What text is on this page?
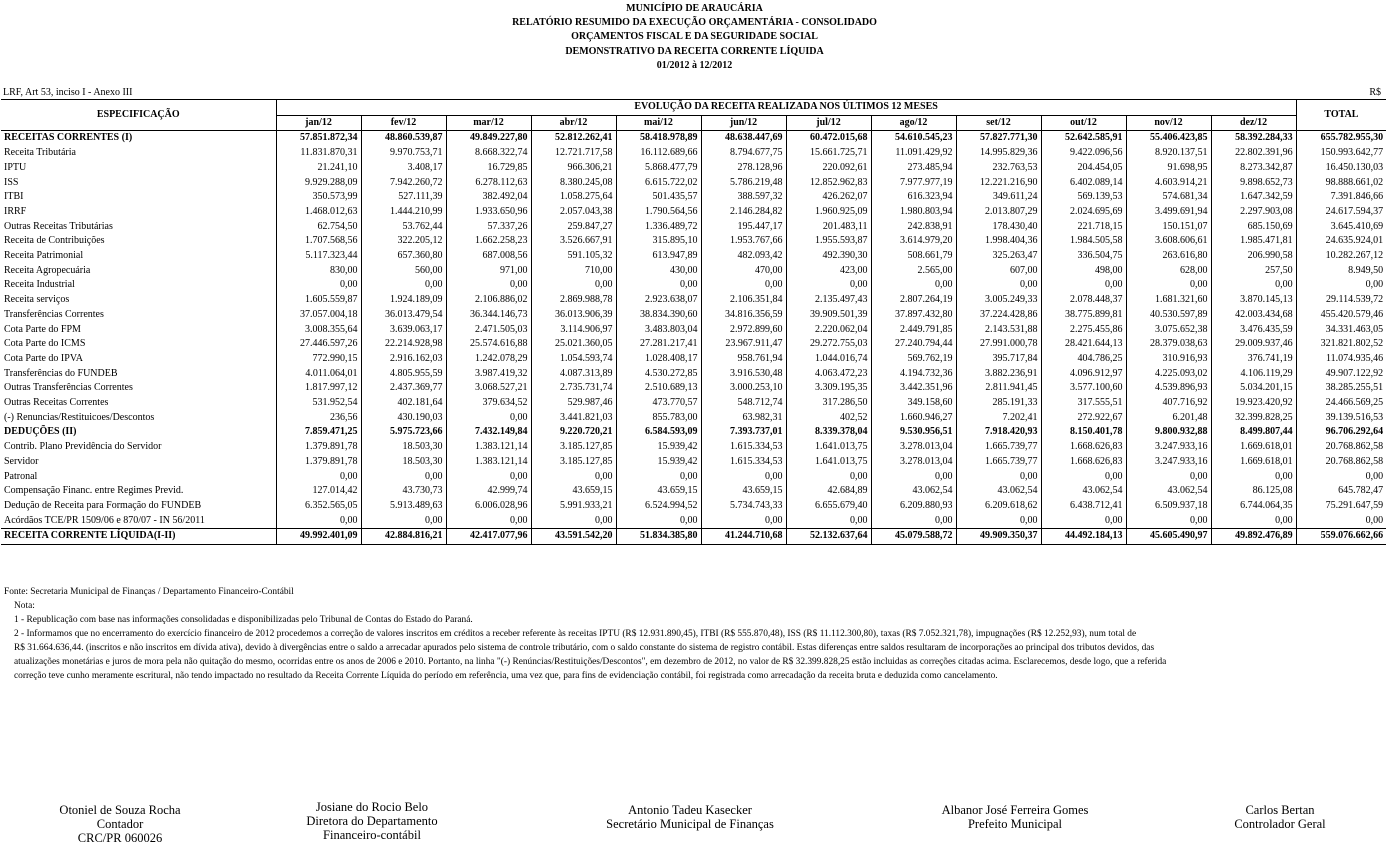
MUNICÍPIO DE ARAUCÁRIA
RELATÓRIO RESUMIDO DA EXECUÇÃO ORÇAMENTÁRIA - CONSOLIDADO
ORÇAMENTOS FISCAL E DA SEGURIDADE SOCIAL
DEMONSTRATIVO DA RECEITA CORRENTE LÍQUIDA
01/2012 à 12/2012
LRF, Art 53, inciso I - Anexo III	R$
ESPECIFICAÇÃO	EVOLUÇÃO DA RECEITA REALIZADA NOS ÚLTIMOS 12 MESES												TOTAL
	jan/12	fev/12	mar/12	abr/12	mai/12	jun/12	jul/12	ago/12	set/12	out/12	nov/12	dez/12	
RECEITAS CORRENTES (I)	57.851.872,34	48.860.539,87	49.849.227,80	52.812.262,41	58.418.978,89	48.638.447,69	60.472.015,68	54.610.545,23	57.827.771,30	52.642.585,91	55.406.423,85	58.392.284,33	655.782.955,30
Receita Tributária	11.831.870,31	9.970.753,71	8.668.322,74	12.721.717,58	16.112.689,66	8.794.677,75	15.661.725,71	11.091.429,92	14.995.829,36	9.422.096,56	8.920.137,51	22.802.391,96	150.993.642,77
IPTU	21.241,10	3.408,17	16.729,85	966.306,21	5.868.477,79	278.128,96	220.092,61	273.485,94	232.763,53	204.454,05	91.698,95	8.273.342,87	16.450.130,03
ISS	9.929.288,09	7.942.260,72	6.278.112,63	8.380.245,08	6.615.722,02	5.786.219,48	12.852.962,83	7.977.977,19	12.221.216,90	6.402.089,14	4.603.914,21	9.898.652,73	98.888.661,02
ITBI	350.573,99	527.111,39	382.492,04	1.058.275,64	501.435,57	388.597,32	426.262,07	616.323,94	349.611,24	569.139,53	574.681,34	1.647.342,59	7.391.846,66
IRRF	1.468.012,63	1.444.210,99	1.933.650,96	2.057.043,38	1.790.564,56	2.146.284,82	1.960.925,09	1.980.803,94	2.013.807,29	2.024.695,69	3.499.691,94	2.297.903,08	24.617.594,37
Outras Receitas Tributárias	62.754,50	53.762,44	57.337,26	259.847,27	1.336.489,72	195.447,17	201.483,11	242.838,91	178.430,40	221.718,15	150.151,07	685.150,69	3.645.410,69
Receita de Contribuições	1.707.568,56	322.205,12	1.662.258,23	3.526.667,91	315.895,10	1.953.767,66	1.955.593,87	3.614.979,20	1.998.404,36	1.984.505,58	3.608.606,61	1.985.471,81	24.635.924,01
Receita Patrimonial	5.117.323,44	657.360,80	687.008,56	591.105,32	613.947,89	482.093,42	492.390,30	508.661,79	325.263,47	336.504,75	263.616,80	206.990,58	10.282.267,12
Receita Agropecuária	830,00	560,00	971,00	710,00	430,00	470,00	423,00	2.565,00	607,00	498,00	628,00	257,50	8.949,50
Receita Industrial	0,00	0,00	0,00	0,00	0,00	0,00	0,00	0,00	0,00	0,00	0,00	0,00	0,00
Receita serviços	1.605.559,87	1.924.189,09	2.106.886,02	2.869.988,78	2.923.638,07	2.106.351,84	2.135.497,43	2.807.264,19	3.005.249,33	2.078.448,37	1.681.321,60	3.870.145,13	29.114.539,72
Transferências Correntes	37.057.004,18	36.013.479,54	36.344.146,73	36.013.906,39	38.834.390,60	34.816.356,59	39.909.501,39	37.897.432,80	37.224.428,86	38.775.899,81	40.530.597,89	42.003.434,68	455.420.579,46
Cota Parte do FPM	3.008.355,64	3.639.063,17	2.471.505,03	3.114.906,97	3.483.803,04	2.972.899,60	2.220.062,04	2.449.791,85	2.143.531,88	2.275.455,86	3.075.652,38	3.476.435,59	34.331.463,05
Cota Parte do ICMS	27.446.597,26	22.214.928,98	25.574.616,88	25.021.360,05	27.281.217,41	23.967.911,47	29.272.755,03	27.240.794,44	27.991.000,78	28.421.644,13	28.379.038,63	29.009.937,46	321.821.802,52
Cota Parte do IPVA	772.990,15	2.916.162,03	1.242.078,29	1.054.593,74	1.028.408,17	958.761,94	1.044.016,74	569.762,19	395.717,84	404.786,25	310.916,93	376.741,19	11.074.935,46
Transferências do FUNDEB	4.011.064,01	4.805.955,59	3.987.419,32	4.087.313,89	4.530.272,85	3.916.530,48	4.063.472,23	4.194.732,36	3.882.236,91	4.096.912,97	4.225.093,02	4.106.119,29	49.907.122,92
Outras Transferências Correntes	1.817.997,12	2.437.369,77	3.068.527,21	2.735.731,74	2.510.689,13	3.000.253,10	3.309.195,35	3.442.351,96	2.811.941,45	3.577.100,60	4.539.896,93	5.034.201,15	38.285.255,51
Outras Receitas Correntes	531.952,54	402.181,64	379.634,52	529.987,46	473.770,57	548.712,74	317.286,50	349.158,60	285.191,33	317.555,51	407.716,92	19.923.420,92	24.466.569,25
(-) Renuncias/Restituicoes/Descontos	236,56	430.190,03	0,00	3.441.821,03	855.783,00	63.982,31	402,52	1.660.946,27	7.202,41	272.922,67	6.201,48	32.399.828,25	39.139.516,53
DEDUÇÕES (II)	7.859.471,25	5.975.723,66	7.432.149,84	9.220.720,21	6.584.593,09	7.393.737,01	8.339.378,04	9.530.956,51	7.918.420,93	8.150.401,78	9.800.932,88	8.499.807,44	96.706.292,64
Contrib. Plano Previdência do Servidor	1.379.891,78	18.503,30	1.383.121,14	3.185.127,85	15.939,42	1.615.334,53	1.641.013,75	3.278.013,04	1.665.739,77	1.668.626,83	3.247.933,16	1.669.618,01	20.768.862,58
Servidor	1.379.891,78	18.503,30	1.383.121,14	3.185.127,85	15.939,42	1.615.334,53	1.641.013,75	3.278.013,04	1.665.739,77	1.668.626,83	3.247.933,16	1.669.618,01	20.768.862,58
Patronal	0,00	0,00	0,00	0,00	0,00	0,00	0,00	0,00	0,00	0,00	0,00	0,00	0,00
Compensação Financ. entre Regimes Previd.	127.014,42	43.730,73	42.999,74	43.659,15	43.659,15	43.659,15	42.684,89	43.062,54	43.062,54	43.062,54	43.062,54	86.125,08	645.782,47
Dedução de Receita para Formação do FUNDEB	6.352.565,05	5.913.489,63	6.006.028,96	5.991.933,21	6.524.994,52	5.734.743,33	6.655.679,40	6.209.880,93	6.209.618,62	6.438.712,41	6.509.937,18	6.744.064,35	75.291.647,59
Acórdãos TCE/PR 1509/06 e 870/07 - IN 56/2011	0,00	0,00	0,00	0,00	0,00	0,00	0,00	0,00	0,00	0,00	0,00	0,00	0,00
RECEITA CORRENTE LÍQUIDA(I-II)	49.992.401,09	42.884.816,21	42.417.077,96	43.591.542,20	51.834.385,80	41.244.710,68	52.132.637,64	45.079.588,72	49.909.350,37	44.492.184,13	45.605.490,97	49.892.476,89	559.076.662,66

Fonte: Secretaria Municipal de Finanças / Departamento Financeiro-Contábil

Nota:

1 - Republicação com base nas informações consolidadas e disponibilizadas pelo Tribunal de Contas do Estado do Paraná.

2 - Informamos que no encerramento do exercício financeiro de 2012 procedemos a correção de valores inscritos em créditos a receber referente às receitas IPTU (R$ 12.931.890,45), ITBI (R$ 555.870,48), ISS (R$ 11.112.300,80), taxas (R$ 7.052.321,78), impugnações (R$ 12.252,93), num total de

R$ 31.664.636,44. (inscritos e não inscritos em dívida ativa), devido à divergências entre o saldo a arrecadar apurados pelo sistema de controle tributário, com o saldo constante do sistema de registro contábil. Estas diferenças entre saldos resultaram de incorporações ao principal dos tributos devidos, das

atualizações monetárias e juros de mora pela não quitação do mesmo, ocorridas entre os anos de 2006 e 2010. Portanto, na linha "(-) Renúncias/Restituições/Descontos", em dezembro de 2012, no valor de R$ 32.399.828,25 estão incluidas as correções citadas acima. Esclarecemos, desde logo, que a referida

correção teve cunho meramente escritural, não tendo impactado no resultado da Receita Corrente Líquida do período em referência, uma vez que, para fins de evidenciação contábil, foi registrada como arrecadação da receita bruta e deduzida como cancelamento.

Otoniel de Souza Rocha
Contador
CRC/PR 060026
Josiane do Rocio Belo
Diretora do Departamento
Financeiro-contábil
Antonio Tadeu Kasecker
Secretário Municipal de Finanças
Albanor José Ferreira Gomes
Prefeito Municipal
Carlos Bertan
Controlador Geral
